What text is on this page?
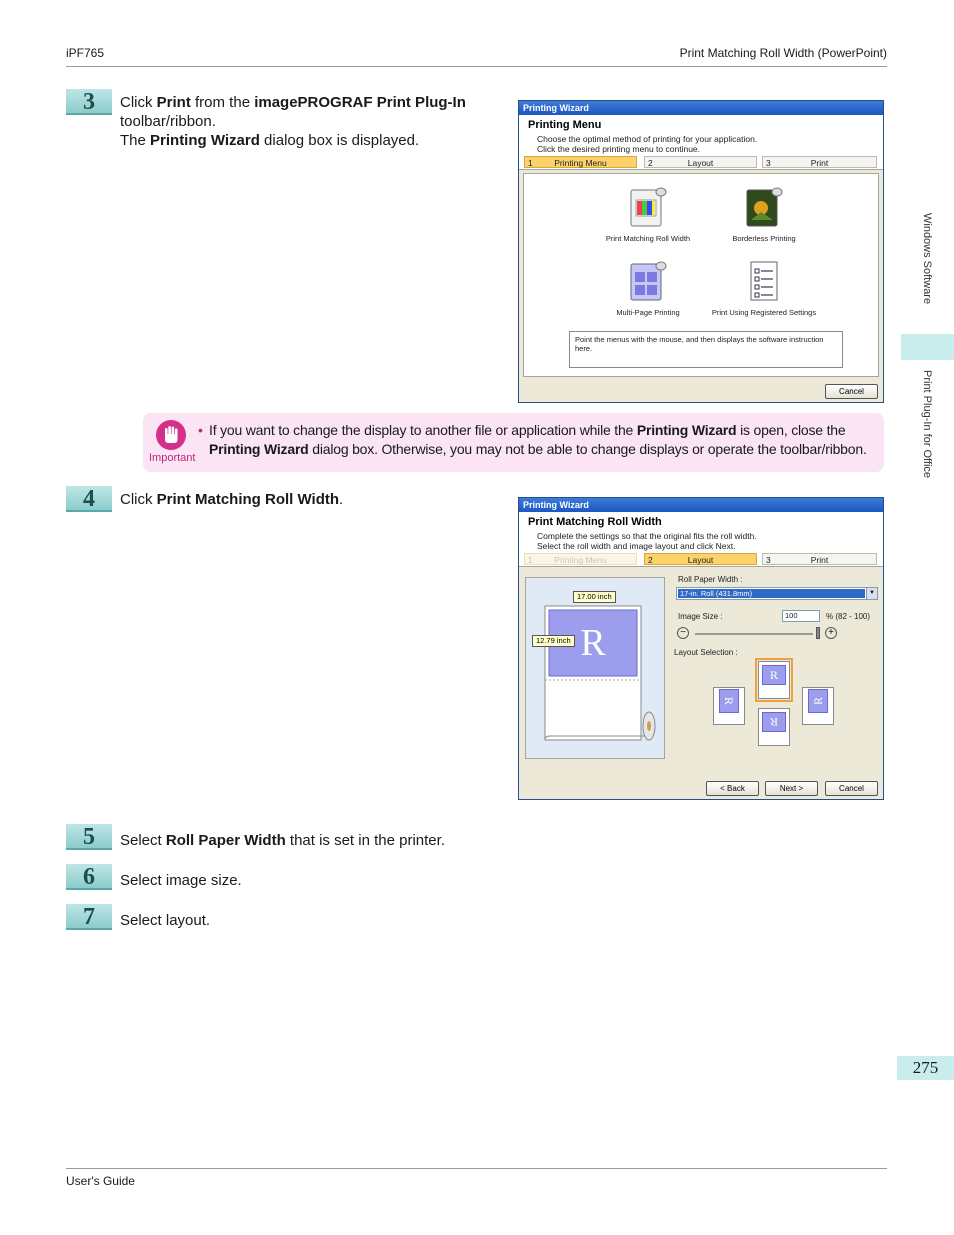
iPF765	Print Matching Roll Width (PowerPoint)
User's Guide
Windows Software
Print Plug-In for Office
275
3	Click Print from the imagePROGRAF Print Plug-In
toolbar/ribbon.
The Printing Wizard dialog box is displayed.
Printing Wizard
Printing Menu
Choose the optimal method of printing for your application.
Click the desired printing menu to continue.
1	Printing Menu	2	Layout	3	Print
Print Matching Roll Width	Borderless Printing
Multi-Page Printing	Print Using Registered Settings
Point the menus with the mouse, and then displays the software instruction here.
Cancel
Important
• If you want to change the display to another file or application while the Printing Wizard is open, close the Printing Wizard dialog box. Otherwise, you may not be able to change displays or operate the toolbar/ribbon.
4	Click Print Matching Roll Width.	Printing Wizard
Print Matching Roll Width
Complete the settings so that the original fits the roll width.
Select the roll width and image layout and click Next.
1	Printing Menu	2	Layout	3	Print
R
17.00 inch
12.79 inch
Roll Paper Width :
17-in. Roll (431.8mm)	▼
Image Size :	100	% (82 - 100)
−	+
Layout Selection :
R
R	R
R
< Back	Next >	Cancel
5	Select Roll Paper Width that is set in the printer.
6	Select image size.
7	Select layout.
